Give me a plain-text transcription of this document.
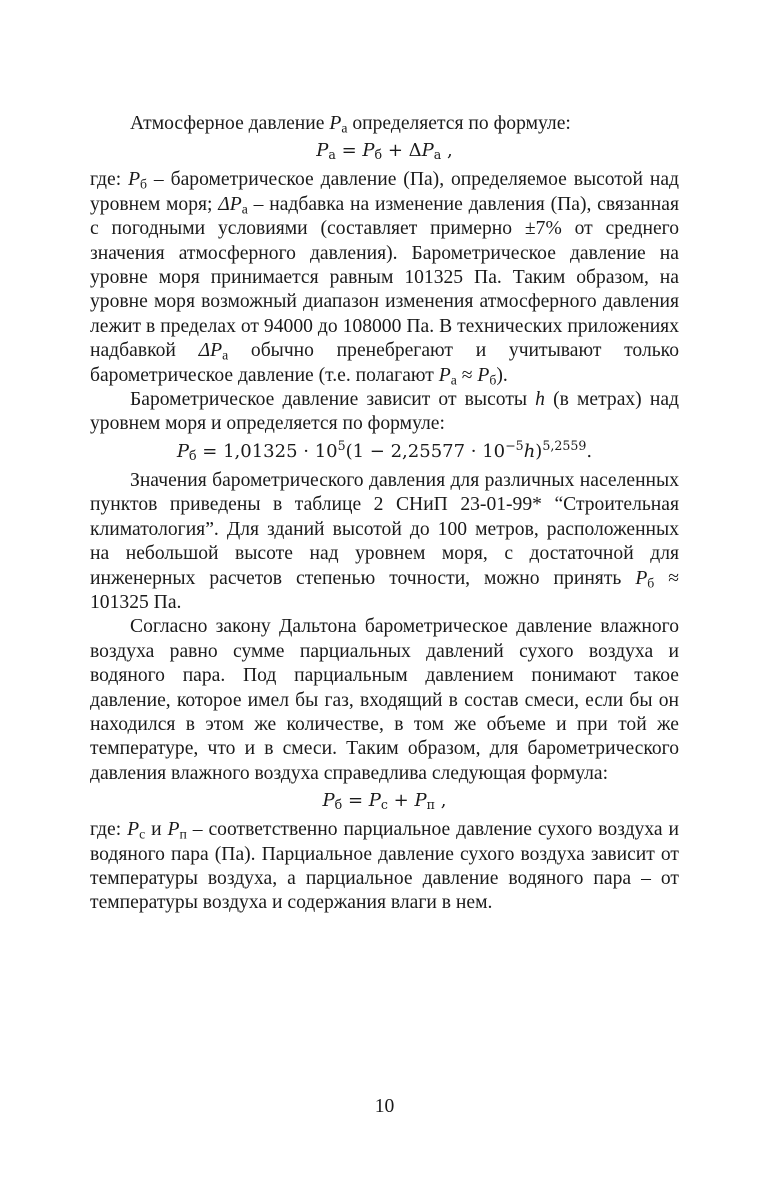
Атмосферное давление $P_а$ определяется по формуле:

$P_а = P_б + \Delta P_а$ ,

где: $P_б$ – барометрическое давление (Па), определяемое высотой над уровнем моря; $\Delta P_а$ – надбавка на изменение давления (Па), связанная с погодными условиями (составляет примерно ±7% от среднего значения атмосферного давления). Барометрическое давление на уровне моря принимается равным 101325 Па. Таким образом, на уровне моря возможный диапазон изменения атмосферного давления лежит в пределах от 94000 до 108000 Па. В технических приложениях надбавкой $\Delta P_а$ обычно пренебрегают и учитывают только барометрическое давление (т.е. полагают $P_а \approx P_б$).

Барометрическое давление зависит от высоты h (в метрах) над уровнем моря и определяется по формуле:

$P_б = 1,01325 \cdot 10^5(1 - 2,25577 \cdot 10^{-5}h)^{5,2559}$.

Значения барометрического давления для различных населенных пунктов приведены в таблице 2 СНиП 23-01-99* “Строительная климатология”. Для зданий высотой до 100 метров, расположенных на небольшой высоте над уровнем моря, с достаточной для инженерных расчетов степенью точности, можно принять $P_б \approx 101325$ Па.

Согласно закону Дальтона барометрическое давление влажного воздуха равно сумме парциальных давлений сухого воздуха и водяного пара. Под парциальным давлением понимают такое давление, которое имел бы газ, входящий в состав смеси, если бы он находился в этом же количестве, в том же объеме и при той же температуре, что и в смеси. Таким образом, для барометрического давления влажного воздуха справедлива следующая формула:

$P_б = P_с + P_п$ ,

где: $P_с$ и $P_п$ – соответственно парциальное давление сухого воздуха и водяного пара (Па). Парциальное давление сухого воздуха зависит от температуры воздуха, а парциальное давление водяного пара – от температуры воздуха и содержания влаги в нем.

10
